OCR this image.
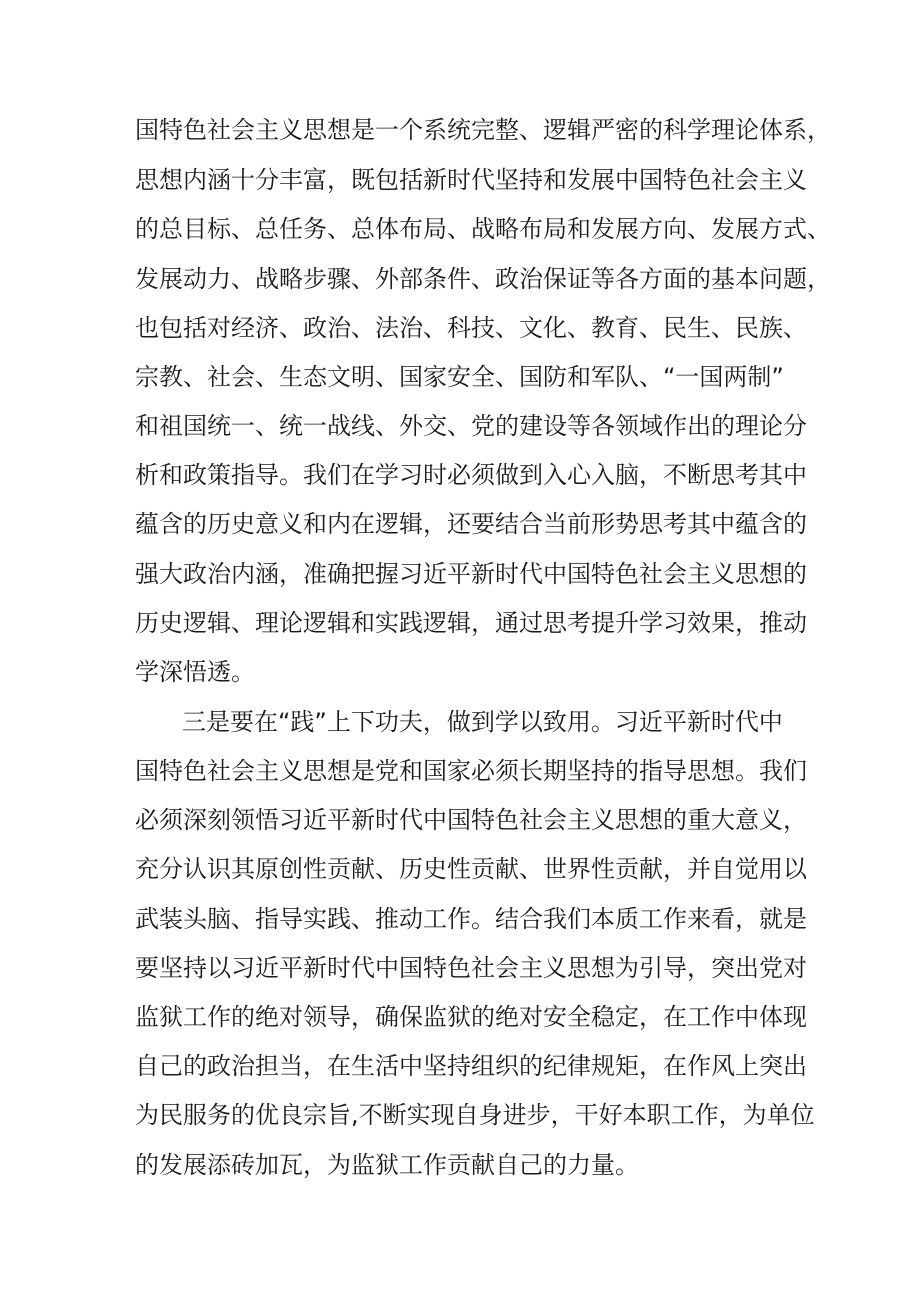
国特色社会主义思想是一个系统完整、逻辑严密的科学理论体系，

思想内涵十分丰富，既包括新时代坚持和发展中国特色社会主义

的总目标、总任务、总体布局、战略布局和发展方向、发展方式、

发展动力、战略步骤、外部条件、政治保证等各方面的基本问题，

也包括对经济、政治、法治、科技、文化、教育、民生、民族、

宗教、社会、生态文明、国家安全、国防和军队、“一国两制”

和祖国统一、统一战线、外交、党的建设等各领域作出的理论分

析和政策指导。我们在学习时必须做到入心入脑，不断思考其中

蕴含的历史意义和内在逻辑，还要结合当前形势思考其中蕴含的

强大政治内涵，准确把握习近平新时代中国特色社会主义思想的

历史逻辑、理论逻辑和实践逻辑，通过思考提升学习效果，推动

学深悟透。

三是要在“践”上下功夫，做到学以致用。习近平新时代中

国特色社会主义思想是党和国家必须长期坚持的指导思想。我们

必须深刻领悟习近平新时代中国特色社会主义思想的重大意义，

充分认识其原创性贡献、历史性贡献、世界性贡献，并自觉用以

武装头脑、指导实践、推动工作。结合我们本质工作来看，就是

要坚持以习近平新时代中国特色社会主义思想为引导，突出党对

监狱工作的绝对领导，确保监狱的绝对安全稳定，在工作中体现

自己的政治担当，在生活中坚持组织的纪律规矩，在作风上突出

为民服务的优良宗旨,不断实现自身进步，干好本职工作，为单位

的发展添砖加瓦，为监狱工作贡献自己的力量。
